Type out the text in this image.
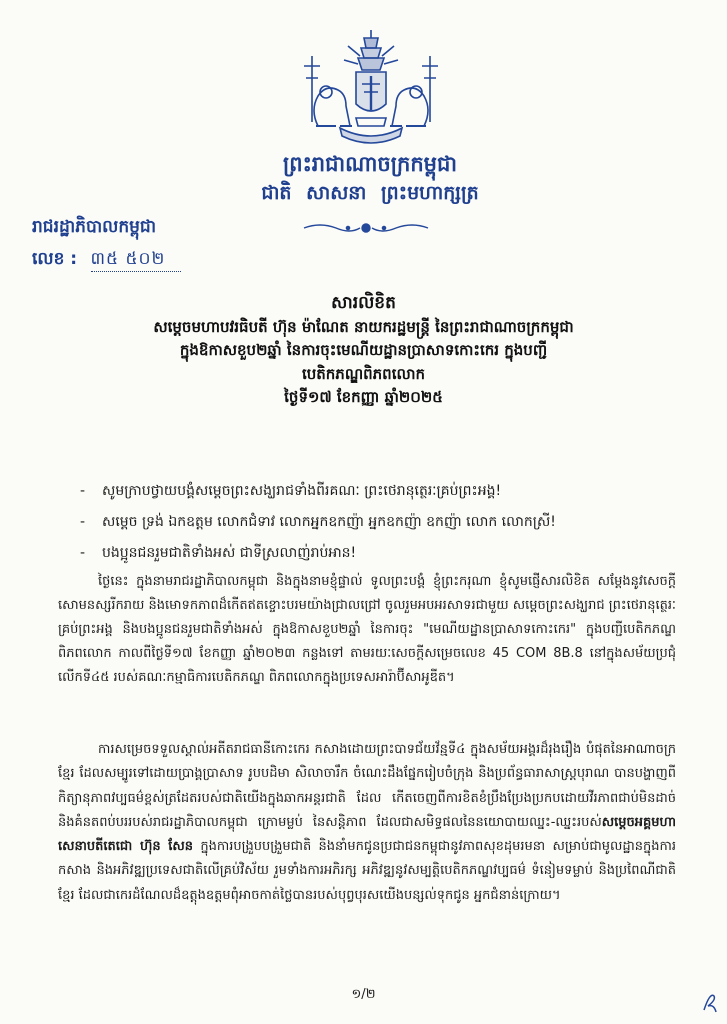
ព្រះរាជាណាចក្រកម្ពុជា
ជាតិ សាសនា ព្រះមហាក្សត្រ
រាជរដ្ឋាភិបាលកម្ពុជា
លេខ : ៣៥ ៥០២
សារលិខិត
សម្ដេចមហាបវរធិបតី ហ៊ុន ម៉ាណែត នាយករដ្ឋមន្ត្រី នៃព្រះរាជាណាចក្រកម្ពុជា
ក្នុងឱកាសខួប២ឆ្នាំ នៃការចុះមេណីយដ្ឋានប្រាសាទកោះកេរ ក្នុងបញ្ជី
បេតិកភណ្ឌពិភពលោក
ថ្ងៃទី១៧ ខែកញ្ញា ឆ្នាំ២០២៥
- សូមក្រាបថ្វាយបង្គំសម្ដេចព្រះសង្ឃរាជទាំងពីរគណៈ ព្រះថេរានុត្ថេរៈគ្រប់ព្រះអង្គ!
- សម្ដេច ទ្រង់ ឯកឧត្ដម លោកជំទាវ លោកអ្នកឧកញ៉ា អ្នកឧកញ៉ា ឧកញ៉ា លោក លោកស្រី!
- បងប្អូនជនរួមជាតិទាំងអស់ ជាទីស្រលាញ់រាប់អាន!

ថ្ងៃនេះ ក្នុងនាមរាជរដ្ឋាភិបាលកម្ពុជា និងក្នុងនាមខ្ញុំផ្ទាល់ ទូលព្រះបង្គំ ខ្ញុំព្រះករុណា ខ្ញុំសូមផ្ញើសារលិខិត សម្ដែងនូវសេចក្ដីសោមនស្សរីករាយ និងមោទកភាពដ៏កើតឥតខ្ចោះបរមយ៉ាងជ្រាលជ្រៅ ចូលរួមអបអរសាទរជាមួយ សម្ដេចព្រះសង្ឃរាជ ព្រះថេរានុត្ថេរៈគ្រប់ព្រះអង្គ និងបងប្អូនជនរួមជាតិទាំងអស់ ក្នុងឱកាសខួប២ឆ្នាំ នៃការចុះ "មេណីយដ្ឋានប្រាសាទកោះកេរ" ក្នុងបញ្ជីបេតិកភណ្ឌពិភពលោក កាលពីថ្ងៃទី១៧ ខែកញ្ញា ឆ្នាំ២០២៣ កន្លងទៅ តាមរយៈសេចក្ដីសម្រេចលេខ 45 COM 8B.8 នៅក្នុងសម័យប្រជុំលើកទី៤៥ របស់គណៈកម្មាធិការបេតិកភណ្ឌ ពិភពលោកក្នុងប្រទេសអារ៉ាប៊ីសាអូឌីត។

ការសម្រេចទទួលស្គាល់អតីតរាជធានីកោះកេរ កសាងដោយព្រះបាទជ័យវ័ន្មទី៤ ក្នុងសម័យអង្គរដ៏រុងរឿង បំផុតនៃអាណាចក្រខ្មែរ ដែលសម្បូរទៅដោយប្រាង្គប្រាសាទ រូបបដិមា សិលាចារឹក ចំណេះដឹងផ្នែករៀបចំក្រុង និងប្រព័ន្ធធារាសាស្ត្របុរាណ បានបង្ហាញពីកិត្យានុភាពវប្បធម៌ខ្ពស់ត្រដែតរបស់ជាតិយើងក្នុងឆាកអន្តរជាតិ ដែល កើតចេញពីការខិតខំប្រឹងប្រែងប្រកបដោយវីរភាពជាប់មិនដាច់ និងគំនតពប់បររបស់រាជរដ្ឋាភិបាលកម្ពុជា ក្រោមម្លប់ នៃសន្តិភាព ដែលជាសមិទ្ធផលនៃនយោបាយឈ្នះ-ឈ្នះរបស់សម្ដេចអគ្គមហាសេនាបតីតេជោ ហ៊ុន សែន ក្នុងការបង្រួបបង្រួមជាតិ និងនាំមកជូនប្រជាជនកម្ពុជានូវភាពសុខដុមរមនា សម្រាប់ជាមូលដ្ឋានក្នុងការកសាង និងអភិវឌ្ឍប្រទេសជាតិលើគ្រប់វិស័យ រួមទាំងការអភិរក្ស អភិវឌ្ឍនូវសម្បត្តិបេតិកភណ្ឌវប្បធម៌ ទំនៀមទម្លាប់ និងប្រពៃណីជាតិខ្មែរ ដែលជាកេរដំណែលដ៏ឧត្ដុងឧត្ដមពុំអាចកាត់ថ្លៃបានរបស់បុព្វបុរសយើងបន្សល់ទុកជូន អ្នកជំនាន់ក្រោយ។
១/២
